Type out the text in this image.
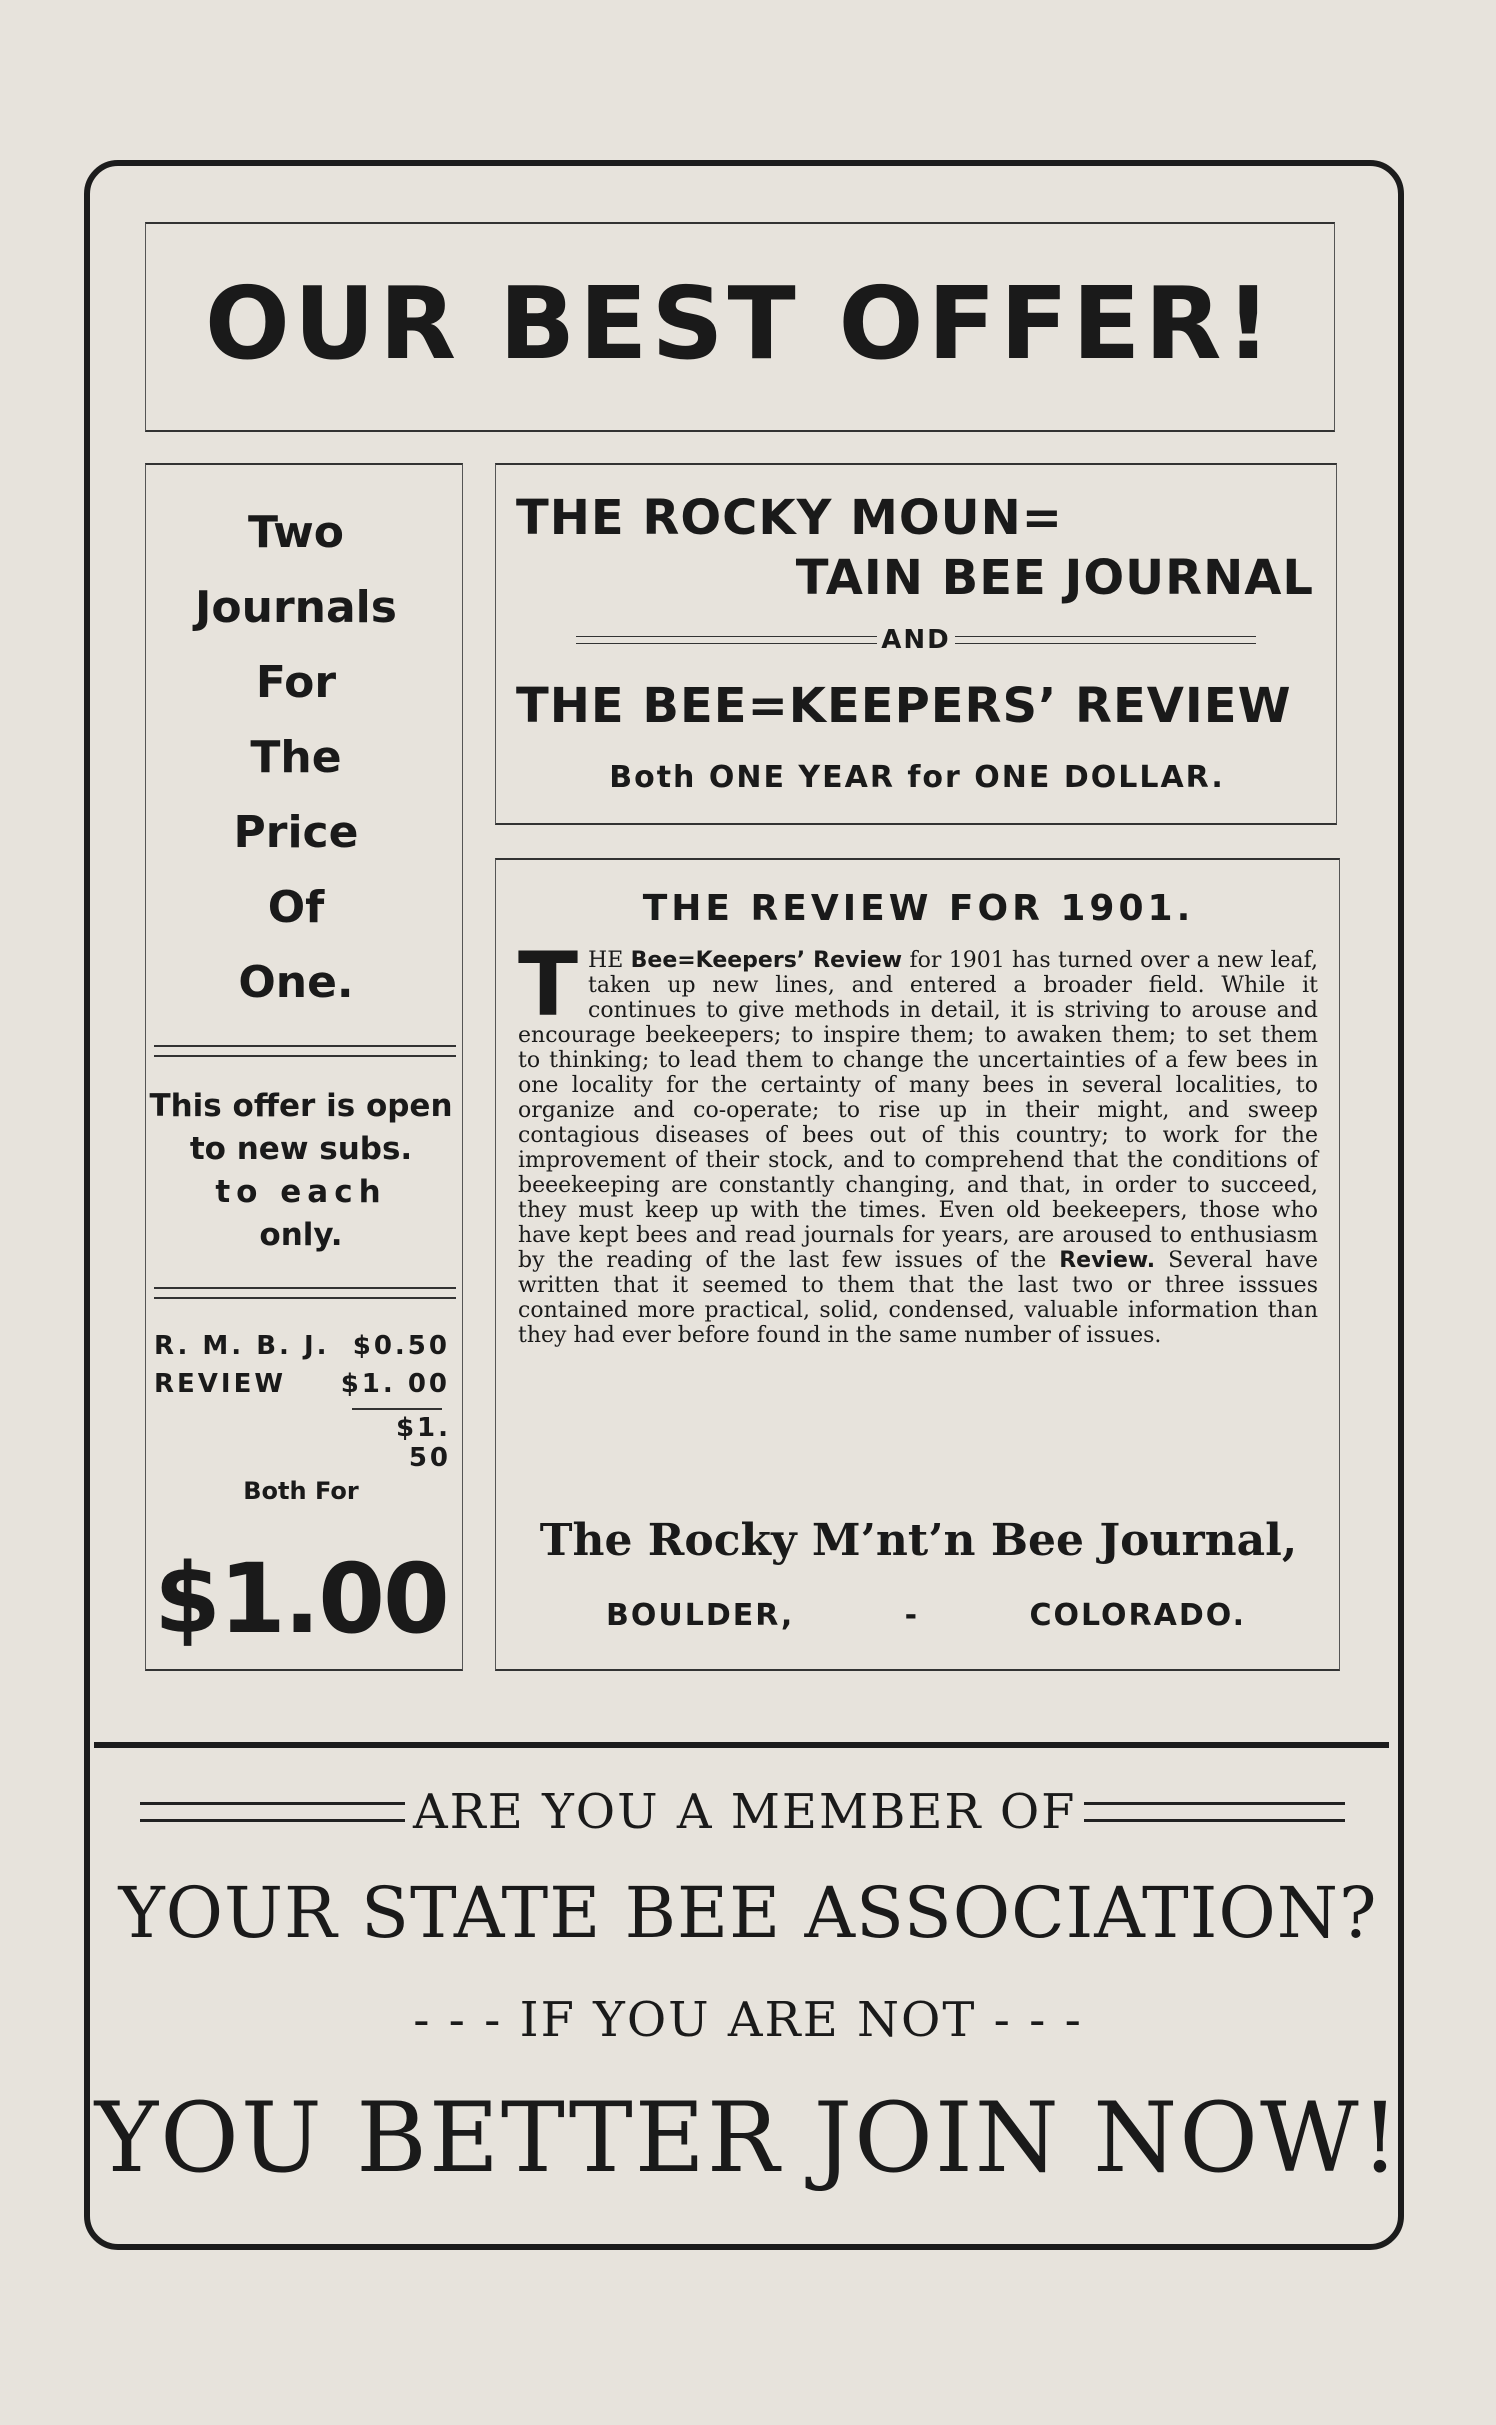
OUR BEST OFFER!
Two
Journals
For
The
Price
Of
One.
This offer is open
to new subs.
to each
only.
R. M. B. J. $0.50
REVIEW $1. 00
$1. 50
Both For
$1.00
THE ROCKY MOUN=
TAIN BEE JOURNAL
AND
THE BEE=KEEPERS’ REVIEW
Both ONE YEAR for ONE DOLLAR.
THE REVIEW FOR 1901.
T HE Bee=Keepers’ Review for 1901 has turned over a new leaf, taken up new lines, and entered a broader field. While it continues to give methods in detail, it is striving to arouse and encourage beekeepers; to inspire them; to awaken them; to set them to thinking; to lead them to change the uncertainties of a few bees in one locality for the certainty of many bees in several localities, to organize and co-operate; to rise up in their might, and sweep contagious diseases of bees out of this country; to work for the improvement of their stock, and to comprehend that the conditions of beeekeeping are constantly changing, and that, in order to succeed, they must keep up with the times. Even old beekeepers, those who have kept bees and read journals for years, are aroused to enthusiasm by the reading of the last few issues of the Review. Several have written that it seemed to them that the last two or three isssues contained more practical, solid, condensed, valuable information than they had ever before found in the same number of issues.
The Rocky M’nt’n Bee Journal,
BOULDER,	-	COLORADO.
ARE YOU A MEMBER OF
YOUR STATE BEE ASSOCIATION?
- - - IF YOU ARE NOT - - -
YOU BETTER JOIN NOW!
